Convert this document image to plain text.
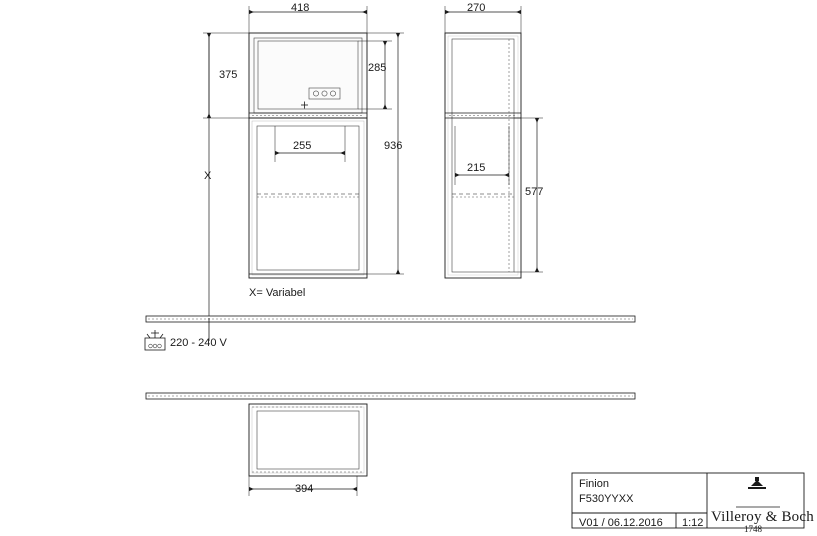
418	270
375
285
255	936
215
577
X
X= Variabel
220 - 240 V
394	Finion
F530YYXX
V01 / 06.12.2016 1:12 Villeroy & Boch
1748
